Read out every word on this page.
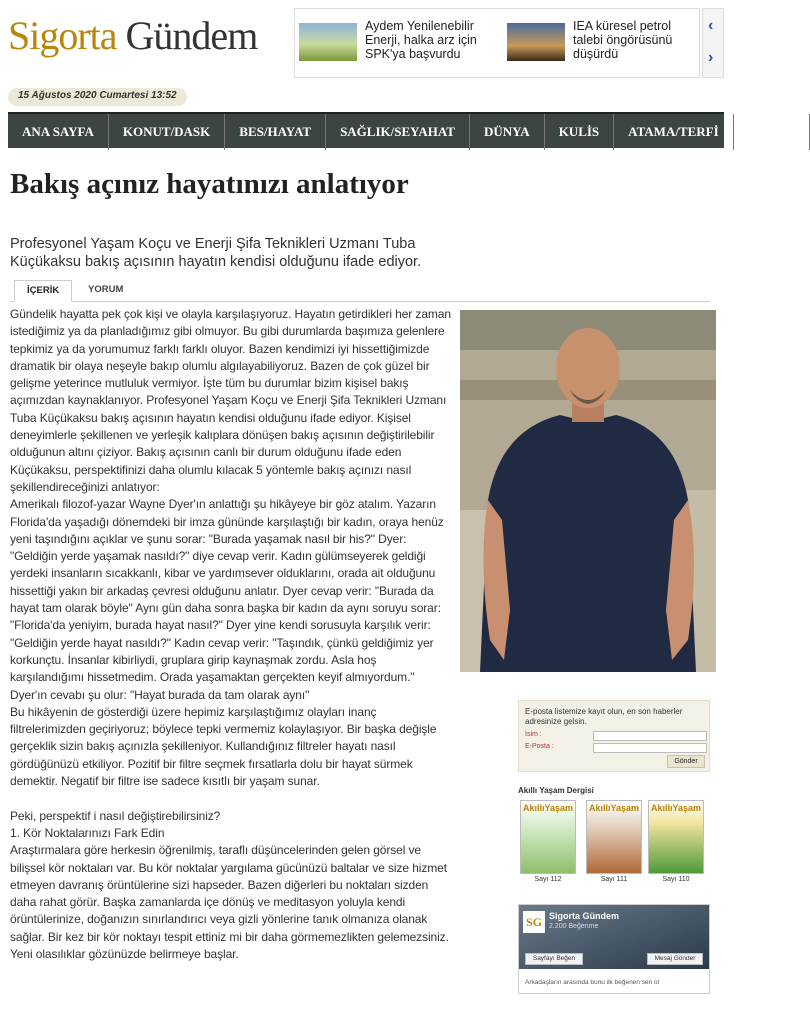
Sigorta Gündem	Aydem Yenilenebilir Enerji, halka arz için SPK'ya başvurdu
IEA küresel petrol talebi öngörüsünü düşürdü
‹
›
15 Ağustos 2020 Cumartesi 13:52
ANA SAYFA KONUT/DASK BES/HAYAT SAĞLIK/SEYAHAT DÜNYA KULİS ATAMA/TERFİ KASKO
Bakış açınız hayatınızı anlatıyor
Profesyonel Yaşam Koçu ve Enerji Şifa Teknikleri Uzmanı Tuba Küçükaksu bakış açısının hayatın kendisi olduğunu ifade ediyor.
İÇERİK	YORUM

Gündelik hayatta pek çok kişi ve olayla karşılaşıyoruz. Hayatın getirdikleri her zaman istediğimiz ya da planladığımız gibi olmuyor. Bu gibi durumlarda başımıza gelenlere tepkimiz ya da yorumumuz farklı farklı oluyor. Bazen kendimizi iyi hissettiğimizde dramatik bir olaya neşeyle bakıp olumlu algılayabiliyoruz. Bazen de çok güzel bir gelişme yeterince mutluluk vermiyor. İşte tüm bu durumlar bizim kişisel bakış açımızdan kaynaklanıyor. Profesyonel Yaşam Koçu ve Enerji Şifa Teknikleri Uzmanı Tuba Küçükaksu bakış açısının hayatın kendisi olduğunu ifade ediyor. Kişisel deneyimlerle şekillenen ve yerleşik kalıplara dönüşen bakış açısının değiştirilebilir olduğunun altını çiziyor. Bakış açısının canlı bir durum olduğunu ifade eden Küçükaksu, perspektifinizi daha olumlu kılacak 5 yöntemle bakış açınızı nasıl şekillendireceğinizi anlatıyor:

Amerikalı filozof-yazar Wayne Dyer'ın anlattığı şu hikâyeye bir göz atalım. Yazarın Florida'da yaşadığı dönemdeki bir imza gününde karşılaştığı bir kadın, oraya henüz yeni taşındığını açıklar ve şunu sorar: "Burada yaşamak nasıl bir his?" Dyer: "Geldiğin yerde yaşamak nasıldı?" diye cevap verir. Kadın gülümseyerek geldiği yerdeki insanların sıcakkanlı, kibar ve yardımsever olduklarını, orada ait olduğunu hissettiği yakın bir arkadaş çevresi olduğunu anlatır. Dyer cevap verir: "Burada da hayat tam olarak böyle" Aynı gün daha sonra başka bir kadın da aynı soruyu sorar: "Florida'da yeniyim, burada hayat nasıl?" Dyer yine kendi sorusuyla karşılık verir: "Geldiğin yerde hayat nasıldı?" Kadın cevap verir: "Taşındık, çünkü geldiğimiz yer korkunçtu. İnsanlar kibirliydi, gruplara girip kaynaşmak zordu. Asla hoş karşılandığımı hissetmedim. Orada yaşamaktan gerçekten keyif almıyordum." Dyer'ın cevabı şu olur: "Hayat burada da tam olarak aynı"

Bu hikâyenin de gösterdiği üzere hepimiz karşılaştığımız olayları inanç filtrelerimizden geçiriyoruz; böylece tepki vermemiz kolaylaşıyor. Bir başka değişle gerçeklik sizin bakış açınızla şekilleniyor. Kullandığınız filtreler hayatı nasıl gördüğünüzü etkiliyor. Pozitif bir filtre seçmek fırsatlarla dolu bir hayat sürmek demektir. Negatif bir filtre ise sadece kısıtlı bir yaşam sunar.

Peki, perspektif i nasıl değiştirebilirsiniz?

1. Kör Noktalarınızı Fark Edin

Araştırmalara göre herkesin öğrenilmiş, taraflı düşüncelerinden gelen görsel ve bilişsel kör noktaları var. Bu kör noktalar yargılama gücünüzü baltalar ve size hizmet etmeyen davranış örüntülerine sizi hapseder. Bazen diğerleri bu noktaları sizden daha rahat görür. Başka zamanlarda içe dönüş ve meditasyon yoluyla kendi örüntülerinize, doğanızın sınırlandırıcı veya gizli yönlerine tanık olmanıza olanak sağlar. Bir kez bir kör noktayı tespit ettiniz mi bir daha görmemezlikten gelemezsiniz. Yeni olasılıklar gözünüzde belirmeye başlar.

E-posta listemize kayıt olun, en son haberler adresinize gelsin.
İsim :
E-Posta :
Gönder
Akıllı Yaşam Dergisi
AkıllıYaşam AkıllıYaşam AkıllıYaşam
Sayı 112	Sayı 111	Sayı 110
SG Sigorta Gündem
2.200 Beğenme
Sayfayı Beğen	Mesaj Gönder
Arkadaşların arasında bunu ilk beğenen sen ol
